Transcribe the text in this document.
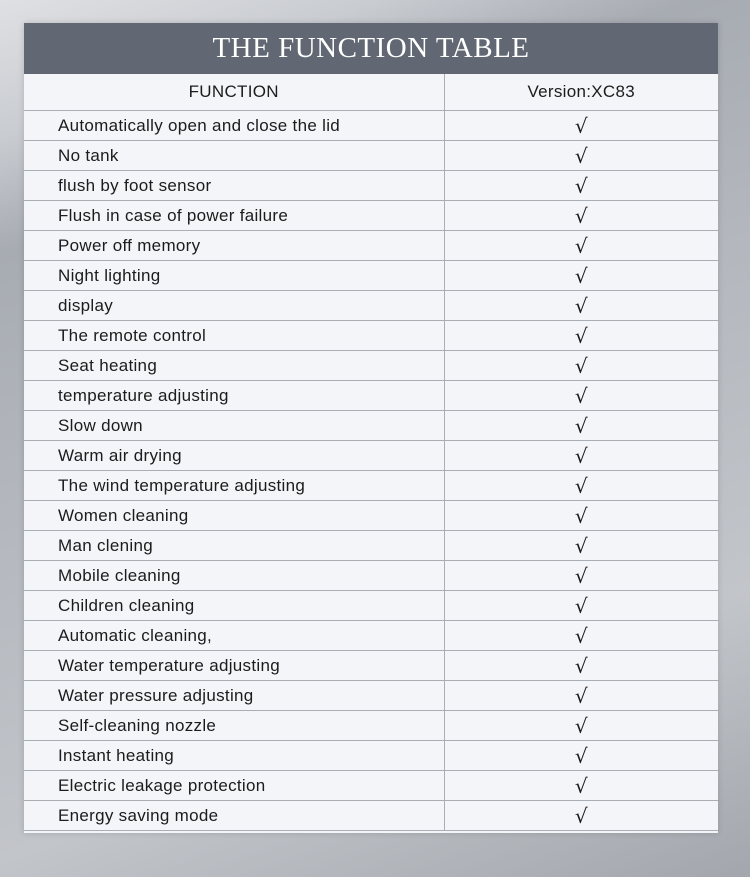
THE FUNCTION TABLE
FUNCTION	Version:XC83
Automatically open and close the lid	√
No tank	√
flush by foot sensor	√
Flush in case of power failure	√
Power off memory	√
Night lighting	√
display	√
The remote control	√
Seat heating	√
temperature adjusting	√
Slow down	√
Warm air drying	√
The wind temperature adjusting	√
Women cleaning	√
Man clening	√
Mobile cleaning	√
Children cleaning	√
Automatic cleaning,	√
Water temperature adjusting	√
Water pressure adjusting	√
Self-cleaning nozzle	√
Instant heating	√
Electric leakage protection	√
Energy saving mode	√
